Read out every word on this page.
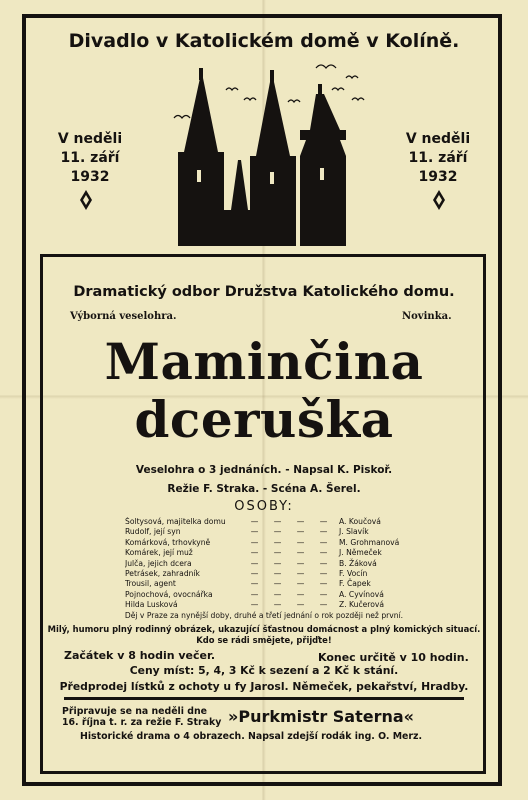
Divadlo v Katolickém domě v Kolíně.
V neděli
11. září 1932
V neděli
11. září 1932
Dramatický odbor Družstva Katolického domu.
Výborná veselohra.	Novinka.
Maminčina
dceruška
Veselohra o 3 jednáních. - Napsal K. Piskoř.
Režie F. Straka. - Scéna A. Šerel.
OSOBY:
Šoltysová, majitelka domu	— — — —	A. Koučová
Rudolf, její syn	— — — —	J. Slavík
Komárková, trhovkyně	— — — —	M. Grohmanová
Komárek, její muž	— — — —	J. Němeček
Julča, jejich dcera	— — — —	B. Žáková
Petrásek, zahradník	— — — —	F. Vocín
Trousil, agent	— — — —	F. Čapek
Pojnochová, ovocnářka	— — — —	A. Cyvínová
Hilda Lusková	— — — —	Z. Kučerová
Děj v Praze za nynější doby, druhé a třetí jednání o rok později než první.
Milý, humoru plný rodinný obrázek, ukazující šťastnou domácnost a plný komických situací.
Kdo se rádi smějete, přijďte!
Začátek v 8 hodin večer.	Konec určitě v 10 hodin.
Ceny míst: 5, 4, 3 Kč k sezení a 2 Kč k stání.
Předprodej lístků z ochoty u fy Jarosl. Němeček, pekařství, Hradby.
Připravuje se na neděli dne
16. října t. r. za režie F. Straky »Purkmistr Saterna«
Historické drama o 4 obrazech. Napsal zdejší rodák ing. O. Merz.
